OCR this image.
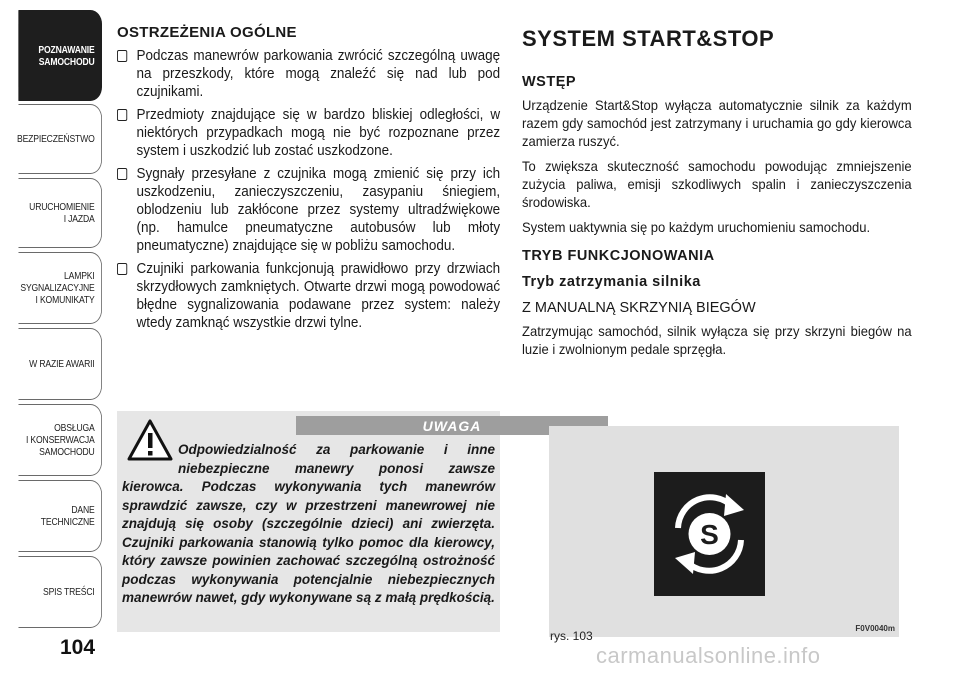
POZNAWANIE
SAMOCHODU
BEZPIECZEŃSTWO
URUCHOMIENIE
I JAZDA
LAMPKI
SYGNALIZACYJNE
I KOMUNIKATY
W RAZIE AWARII
OBSŁUGA
I KONSERWACJA
SAMOCHODU
DANE
TECHNICZNE
SPIS TREŚCI
104
OSTRZEŻENIA OGÓLNE
Podczas manewrów parkowania zwrócić szczególną uwagę na przeszkody, które mogą znaleźć się nad lub pod czujnikami.
Przedmioty znajdujące się w bardzo bliskiej odległości, w niektórych przypadkach mogą nie być rozpoznane przez system i uszkodzić lub zostać uszkodzone.
Sygnały przesyłane z czujnika mogą zmienić się przy ich uszkodzeniu, zanieczyszczeniu, zasypaniu śniegiem, oblodzeniu lub zakłócone przez systemy ultradźwiękowe (np. hamulce pneumatyczne autobusów lub młoty pneumatyczne) znajdujące się w pobliżu samochodu.
Czujniki parkowania funkcjonują prawidłowo przy drzwiach skrzydłowych zamkniętych. Otwarte drzwi mogą powodować błędne sygnalizowania podawane przez system: należy wtedy zamknąć wszystkie drzwi tylne.
UWAGA
Odpowiedzialność za parkowanie i inne niebezpieczne manewry ponosi zawsze kierowca. Podczas wykonywania tych manewrów sprawdzić zawsze, czy w przestrzeni manewrowej nie znajdują się osoby (szczególnie dzieci) ani zwierzęta. Czujniki parkowania stanowią tylko pomoc dla kierowcy, który zawsze powinien zachować szczególną ostrożność podczas wykonywania potencjalnie niebezpiecznych manewrów nawet, gdy wykonywane są z małą prędkością.
SYSTEM START&STOP
WSTĘP
Urządzenie Start&Stop wyłącza automatycznie silnik za każdym razem gdy samochód jest zatrzymany i uruchamia go gdy kierowca zamierza ruszyć.
To zwiększa skuteczność samochodu powodując zmniejszenie zużycia paliwa, emisji szkodliwych spalin i zanieczyszczenia środowiska.
System uaktywnia się po każdym uruchomieniu samochodu.
TRYB FUNKCJONOWANIA
Tryb zatrzymania silnika
Z MANUALNĄ SKRZYNIĄ BIEGÓW
Zatrzymując samochód, silnik wyłącza się przy skrzyni biegów na luzie i zwolnionym pedale sprzęgła.
S
F0V0040m
rys. 103
carmanualsonline.info
